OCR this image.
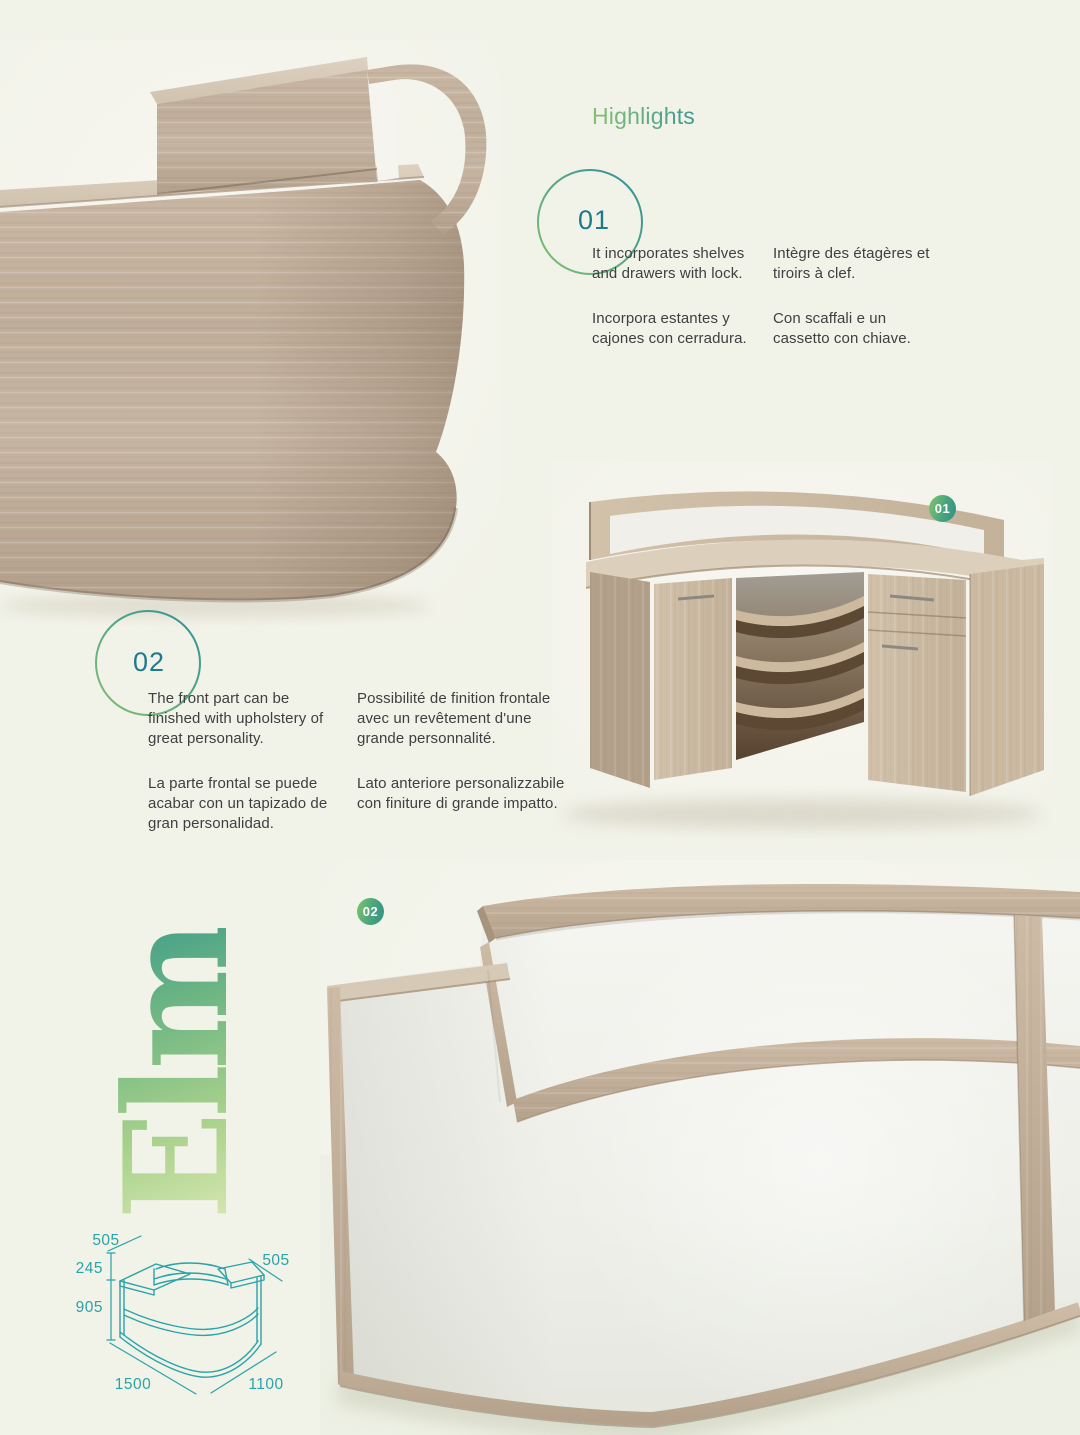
Highlights
01

It incorporates shelves and drawers with lock.

Incorpora estantes y cajones con cerradura.

Intègre des étagères et tiroirs à clef.

Con scaffali e un cassetto con chiave.

01
02

The front part can be finished with upholstery of great personality.

La parte frontal se puede acabar con un tapizado de gran personalidad.

Possibilité de finition frontale avec un revêtement d'une grande personnalité.

Lato anteriore personalizzabile con finiture di grande impatto.

02
Elm
505
245
905
505
1500	1100
